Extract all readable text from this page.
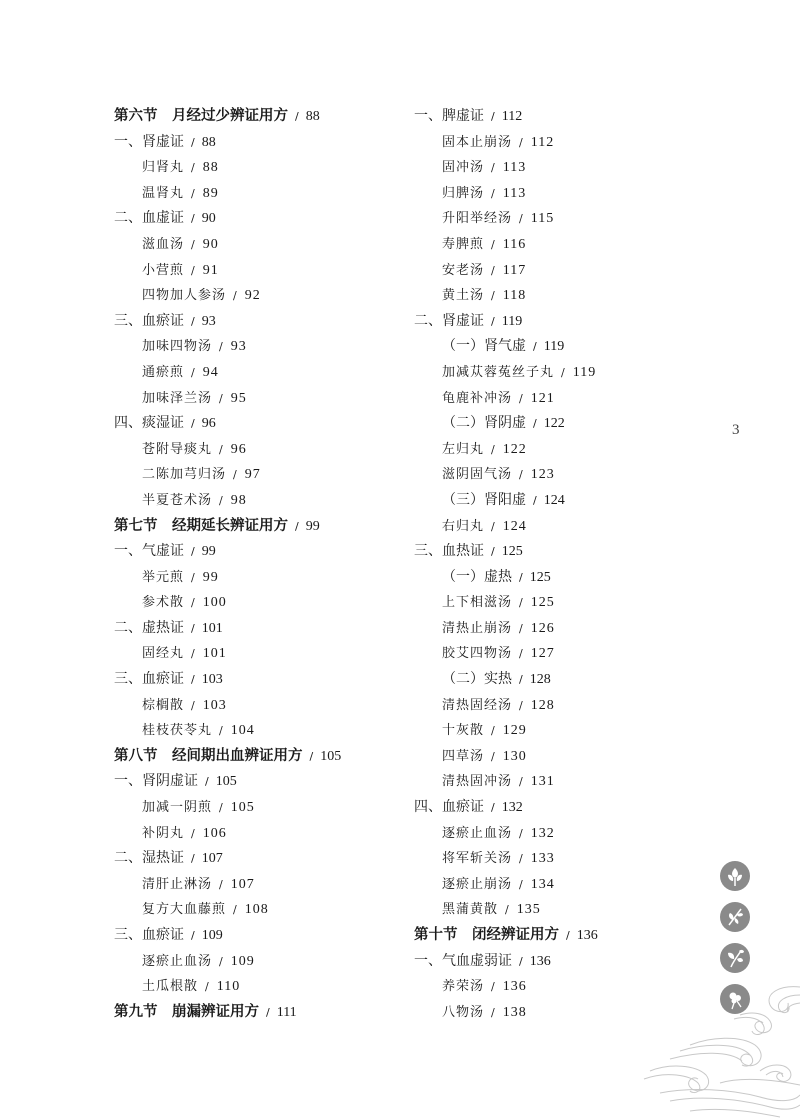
第六节　月经过少辨证用方 / 88
一、肾虚证 / 88
归肾丸 / 88
温肾丸 / 89
二、血虚证 / 90
滋血汤 / 90
小营煎 / 91
四物加人参汤 / 92
三、血瘀证 / 93
加味四物汤 / 93
通瘀煎 / 94
加味泽兰汤 / 95
四、痰湿证 / 96
苍附导痰丸 / 96
二陈加芎归汤 / 97
半夏苍术汤 / 98
第七节　经期延长辨证用方 / 99
一、气虚证 / 99
举元煎 / 99
参术散 / 100
二、虚热证 / 101
固经丸 / 101
三、血瘀证 / 103
棕榈散 / 103
桂枝茯苓丸 / 104
第八节　经间期出血辨证用方 / 105
一、肾阴虚证 / 105
加减一阴煎 / 105
补阴丸 / 106
二、湿热证 / 107
清肝止淋汤 / 107
复方大血藤煎 / 108
三、血瘀证 / 109
逐瘀止血汤 / 109
土瓜根散 / 110
第九节　崩漏辨证用方 / 111
一、脾虚证 / 112
固本止崩汤 / 112
固冲汤 / 113
归脾汤 / 113
升阳举经汤 / 115
寿脾煎 / 116
安老汤 / 117
黄土汤 / 118
二、肾虚证 / 119
（一）肾气虚 / 119
加减苁蓉菟丝子丸 / 119
龟鹿补冲汤 / 121
（二）肾阴虚 / 122
左归丸 / 122
滋阴固气汤 / 123
（三）肾阳虚 / 124
右归丸 / 124
三、血热证 / 125
（一）虚热 / 125
上下相滋汤 / 125
清热止崩汤 / 126
胶艾四物汤 / 127
（二）实热 / 128
清热固经汤 / 128
十灰散 / 129
四草汤 / 130
清热固冲汤 / 131
四、血瘀证 / 132
逐瘀止血汤 / 132
将军斩关汤 / 133
逐瘀止崩汤 / 134
黑蒲黄散 / 135
第十节　闭经辨证用方 / 136
一、气血虚弱证 / 136
养荣汤 / 136
八物汤 / 138
3
